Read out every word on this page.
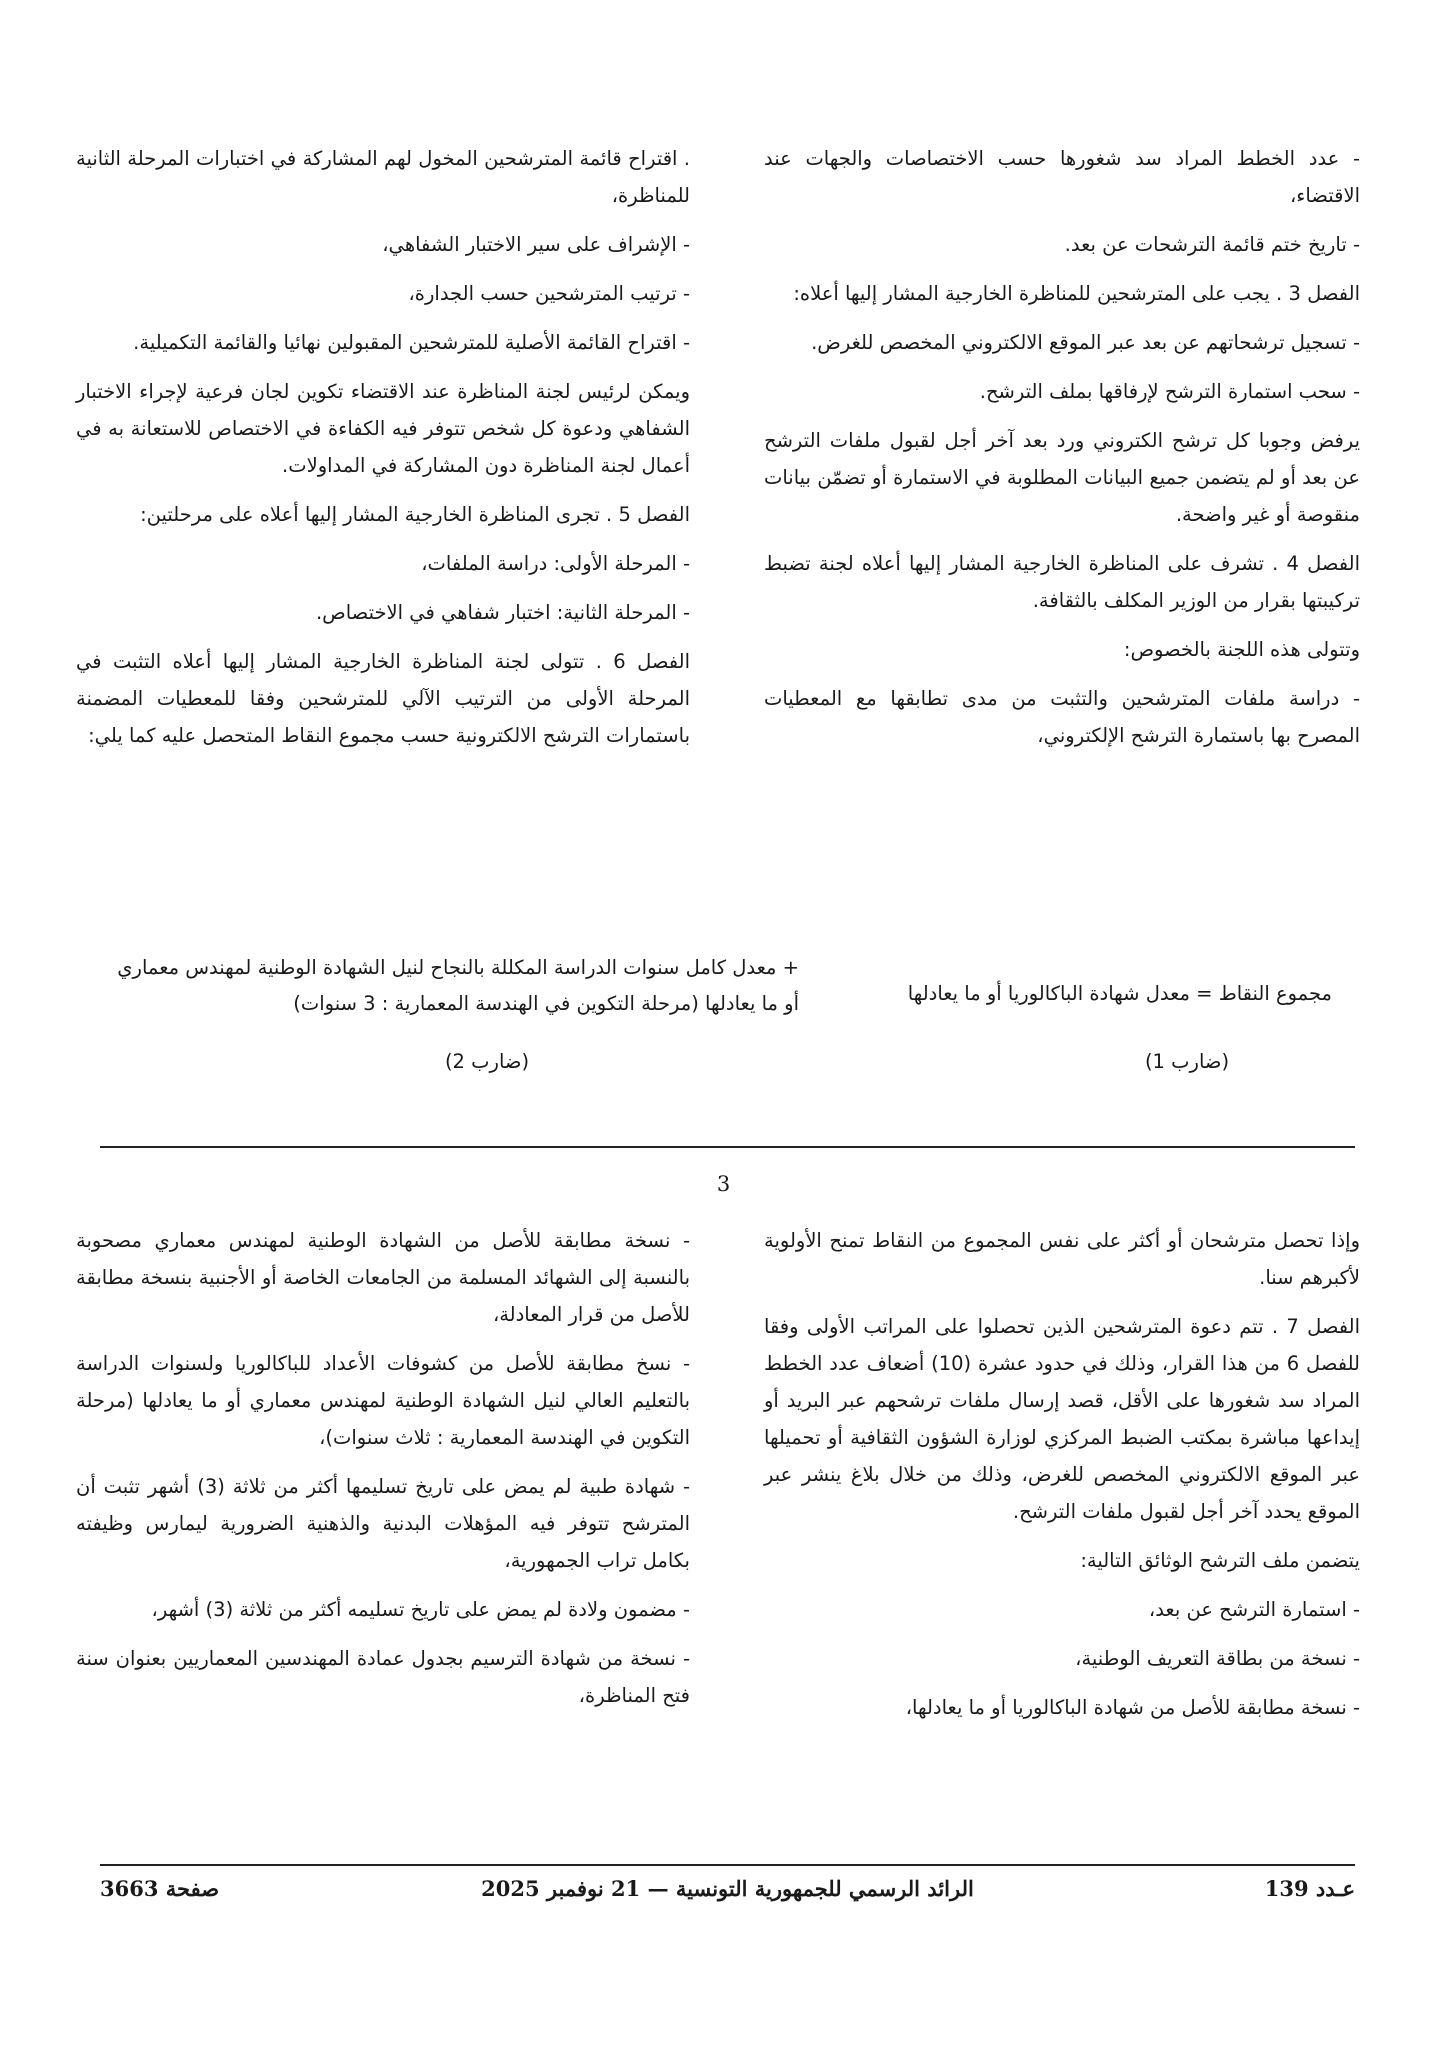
- عدد الخطط المراد سد شغورها حسب الاختصاصات والجهات عند الاقتضاء،

- تاريخ ختم قائمة الترشحات عن بعد.

الفصل 3 . يجب على المترشحين للمناظرة الخارجية المشار إليها أعلاه:

- تسجيل ترشحاتهم عن بعد عبر الموقع الالكتروني المخصص للغرض.

- سحب استمارة الترشح لإرفاقها بملف الترشح.

يرفض وجوبا كل ترشح الكتروني ورد بعد آخر أجل لقبول ملفات الترشح عن بعد أو لم يتضمن جميع البيانات المطلوبة في الاستمارة أو تضمّن بيانات منقوصة أو غير واضحة.

الفصل 4 . تشرف على المناظرة الخارجية المشار إليها أعلاه لجنة تضبط تركيبتها بقرار من الوزير المكلف بالثقافة.

وتتولى هذه اللجنة بالخصوص:

- دراسة ملفات المترشحين والتثبت من مدى تطابقها مع المعطيات المصرح بها باستمارة الترشح الإلكتروني،

. اقتراح قائمة المترشحين المخول لهم المشاركة في اختبارات المرحلة الثانية للمناظرة،

- الإشراف على سير الاختبار الشفاهي،

- ترتيب المترشحين حسب الجدارة،

- اقتراح القائمة الأصلية للمترشحين المقبولين نهائيا والقائمة التكميلية.

ويمكن لرئيس لجنة المناظرة عند الاقتضاء تكوين لجان فرعية لإجراء الاختبار الشفاهي ودعوة كل شخص تتوفر فيه الكفاءة في الاختصاص للاستعانة به في أعمال لجنة المناظرة دون المشاركة في المداولات.

الفصل 5 . تجرى المناظرة الخارجية المشار إليها أعلاه على مرحلتين:

- المرحلة الأولى: دراسة الملفات،

- المرحلة الثانية: اختبار شفاهي في الاختصاص.

الفصل 6 . تتولى لجنة المناظرة الخارجية المشار إليها أعلاه التثبت في المرحلة الأولى من الترتيب الآلي للمترشحين وفقا للمعطيات المضمنة باستمارات الترشح الالكترونية حسب مجموع النقاط المتحصل عليه كما يلي:

مجموع النقاط = معدل شهادة الباكالوريا أو ما يعادلها
+ معدل كامل سنوات الدراسة المكللة بالنجاح لنيل الشهادة الوطنية لمهندس معماري أو ما يعادلها (مرحلة التكوين في الهندسة المعمارية : 3 سنوات)
(ضارب 1)
(ضارب 2)
3

وإذا تحصل مترشحان أو أكثر على نفس المجموع من النقاط تمنح الأولوية لأكبرهم سنا.

الفصل 7 . تتم دعوة المترشحين الذين تحصلوا على المراتب الأولى وفقا للفصل 6 من هذا القرار، وذلك في حدود عشرة (10) أضعاف عدد الخطط المراد سد شغورها على الأقل، قصد إرسال ملفات ترشحهم عبر البريد أو إيداعها مباشرة بمكتب الضبط المركزي لوزارة الشؤون الثقافية أو تحميلها عبر الموقع الالكتروني المخصص للغرض، وذلك من خلال بلاغ ينشر عبر الموقع يحدد آخر أجل لقبول ملفات الترشح.

يتضمن ملف الترشح الوثائق التالية:

- استمارة الترشح عن بعد،

- نسخة من بطاقة التعريف الوطنية،

- نسخة مطابقة للأصل من شهادة الباكالوريا أو ما يعادلها،

- نسخة مطابقة للأصل من الشهادة الوطنية لمهندس معماري مصحوبة بالنسبة إلى الشهائد المسلمة من الجامعات الخاصة أو الأجنبية بنسخة مطابقة للأصل من قرار المعادلة،

- نسخ مطابقة للأصل من كشوفات الأعداد للباكالوريا ولسنوات الدراسة بالتعليم العالي لنيل الشهادة الوطنية لمهندس معماري أو ما يعادلها (مرحلة التكوين في الهندسة المعمارية : ثلاث سنوات)،

- شهادة طبية لم يمض على تاريخ تسليمها أكثر من ثلاثة (3) أشهر تثبت أن المترشح تتوفر فيه المؤهلات البدنية والذهنية الضرورية ليمارس وظيفته بكامل تراب الجمهورية،

- مضمون ولادة لم يمض على تاريخ تسليمه أكثر من ثلاثة (3) أشهر،

- نسخة من شهادة الترسيم بجدول عمادة المهندسين المعماريين بعنوان سنة فتح المناظرة،

عـدد 139
الرائد الرسمي للجمهورية التونسية — 21 نوفمبر 2025
صفحة 3663
